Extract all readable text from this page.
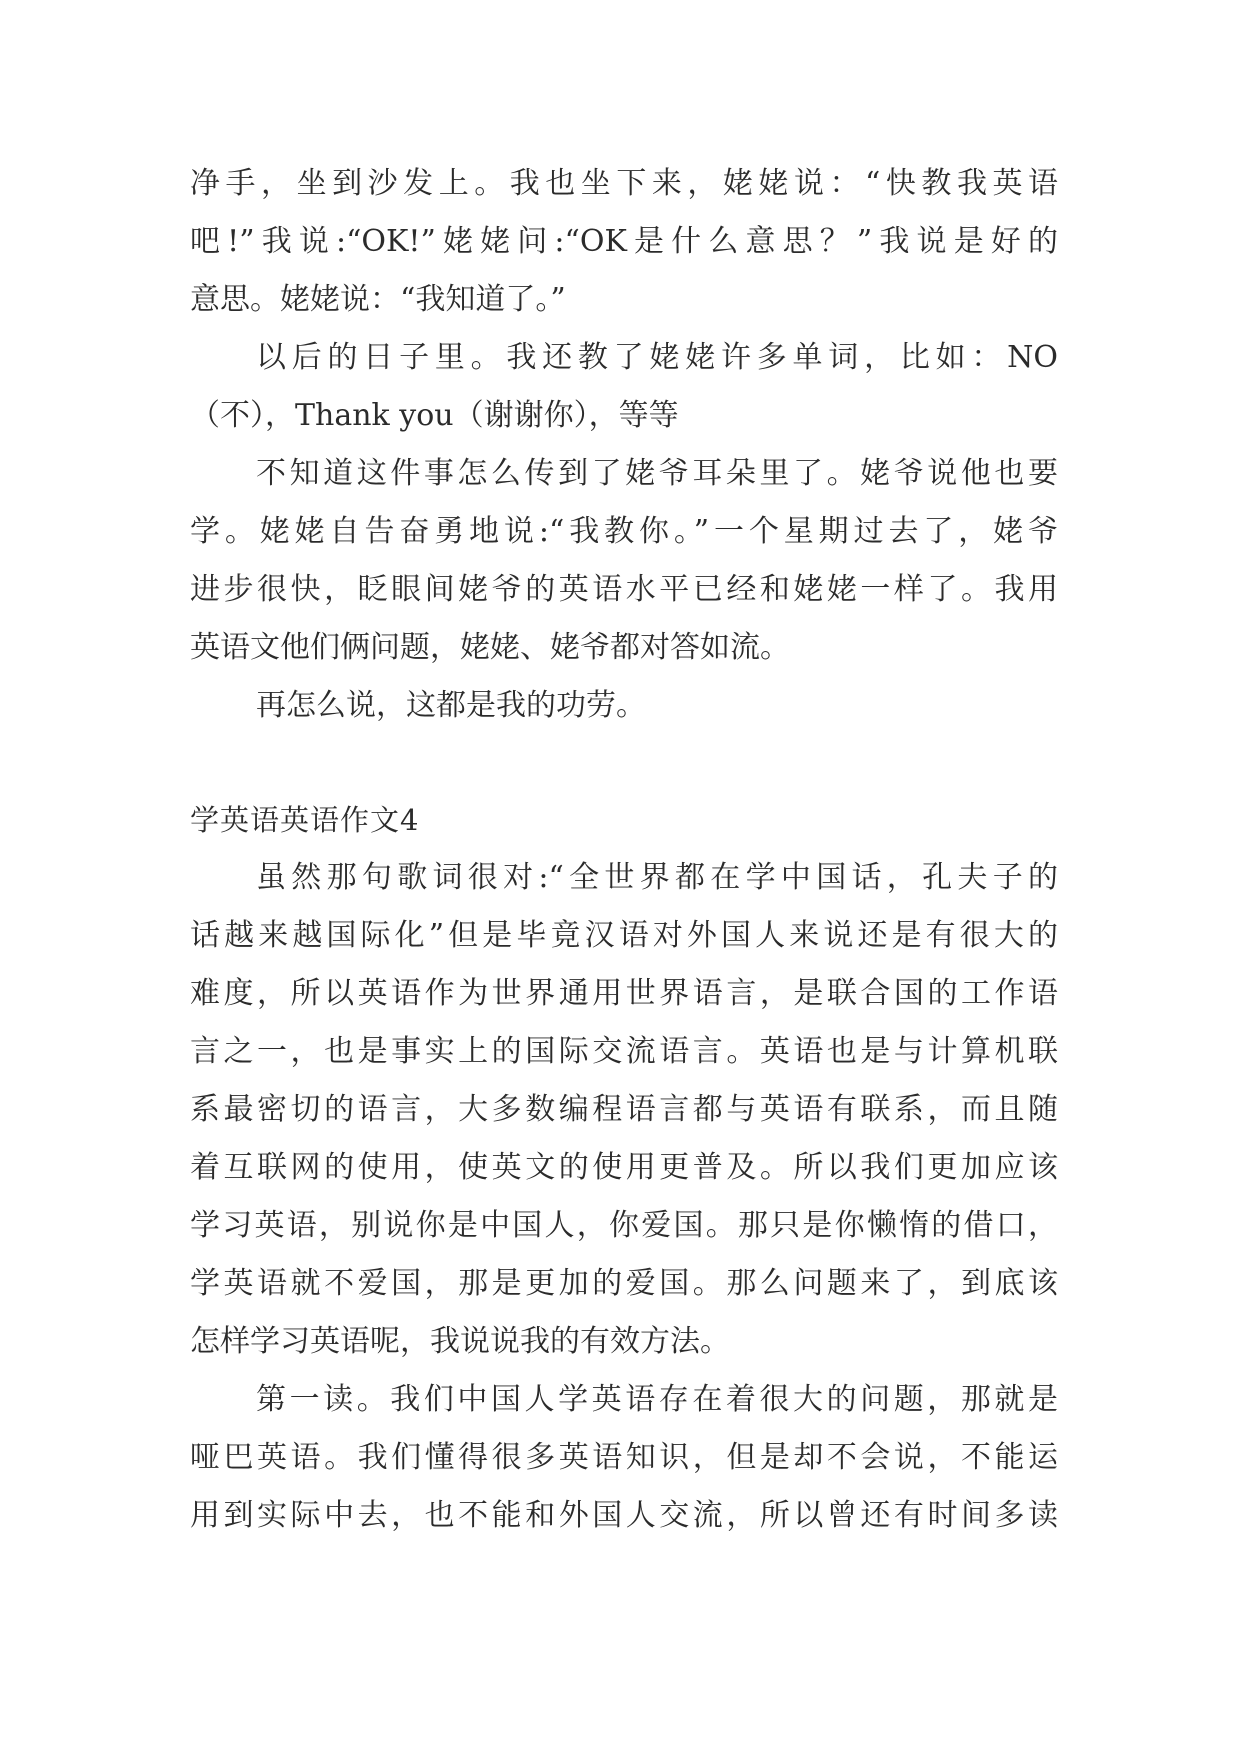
净手，坐到沙发上。我也坐下来，姥姥说：“快教我英语
吧!”我说:“OK!”姥姥问:“OK是什么意思？”我说是好的
意思。姥姥说：“我知道了。”
以后的日子里。我还教了姥姥许多单词，比如：NO
（不），Thank you（谢谢你），等等
不知道这件事怎么传到了姥爷耳朵里了。姥爷说他也要
学。姥姥自告奋勇地说:“我教你。”一个星期过去了，姥爷
进步很快，眨眼间姥爷的英语水平已经和姥姥一样了。我用
英语文他们俩问题，姥姥、姥爷都对答如流。
再怎么说，这都是我的功劳。
学英语英语作文4
虽然那句歌词很对:“全世界都在学中国话，孔夫子的
话越来越国际化”但是毕竟汉语对外国人来说还是有很大的
难度，所以英语作为世界通用世界语言，是联合国的工作语
言之一，也是事实上的国际交流语言。英语也是与计算机联
系最密切的语言，大多数编程语言都与英语有联系，而且随
着互联网的使用，使英文的使用更普及。所以我们更加应该
学习英语，别说你是中国人，你爱国。那只是你懒惰的借口，
学英语就不爱国，那是更加的爱国。那么问题来了，到底该
怎样学习英语呢，我说说我的有效方法。
第一读。我们中国人学英语存在着很大的问题，那就是
哑巴英语。我们懂得很多英语知识，但是却不会说，不能运
用到实际中去，也不能和外国人交流，所以曾还有时间多读
